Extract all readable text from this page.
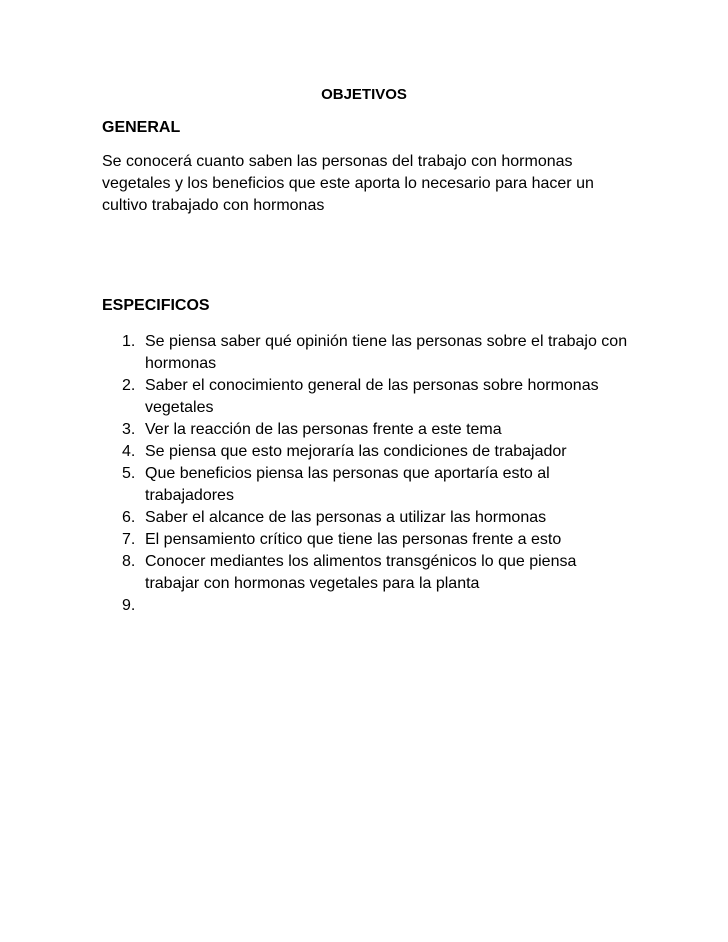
OBJETIVOS
GENERAL

Se conocerá cuanto saben las personas del trabajo con hormonas vegetales y los beneficios que este aporta lo necesario para hacer un cultivo trabajado con hormonas

ESPECIFICOS
1. Se piensa saber qué opinión tiene las personas sobre el trabajo con hormonas
2. Saber el conocimiento general de las personas sobre hormonas vegetales
3. Ver la reacción de las personas frente a este tema
4. Se piensa que esto mejoraría las condiciones de trabajador
5. Que beneficios piensa las personas que aportaría esto al trabajadores
6. Saber el alcance de las personas a utilizar las hormonas
7. El pensamiento crítico que tiene las personas frente a esto
8. Conocer mediantes los alimentos transgénicos lo que piensa trabajar con hormonas vegetales para la planta
9.
